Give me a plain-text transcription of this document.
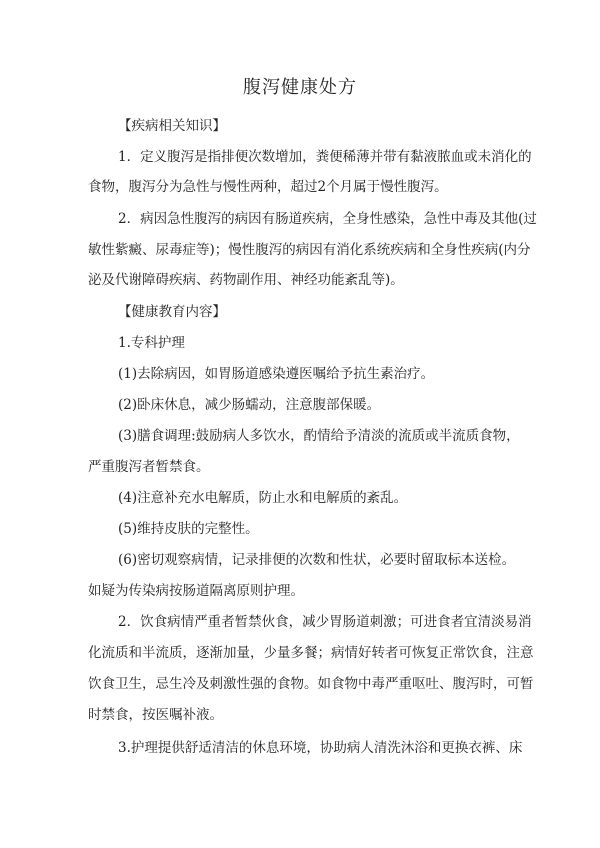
腹泻健康处方
【疾病相关知识】
1．定义腹泻是指排便次数增加，粪便稀薄并带有黏液脓血或未消化的
食物，腹泻分为急性与慢性两种，超过2个月属于慢性腹泻。
2．病因急性腹泻的病因有肠道疾病，全身性感染，急性中毒及其他(过
敏性紫癜、尿毒症等)；慢性腹泻的病因有消化系统疾病和全身性疾病(内分
泌及代谢障碍疾病、药物副作用、神经功能紊乱等)。
【健康教育内容】
1.专科护理
(1)去除病因，如胃肠道感染遵医嘱给予抗生素治疗。
(2)卧床休息，减少肠蠕动，注意腹部保暖。
(3)膳食调理:鼓励病人多饮水，酌情给予清淡的流质或半流质食物，
严重腹泻者暂禁食。
(4)注意补充水电解质，防止水和电解质的紊乱。
(5)维持皮肤的完整性。
(6)密切观察病情，记录排便的次数和性状，必要时留取标本送检。
如疑为传染病按肠道隔离原则护理。
2．饮食病情严重者暂禁伙食，减少胃肠道刺激；可进食者宜清淡易消
化流质和半流质，逐渐加量，少量多餐；病情好转者可恢复正常饮食，注意
饮食卫生，忌生冷及刺激性强的食物。如食物中毒严重呕吐、腹泻时，可暂
时禁食，按医嘱补液。
3.护理提供舒适清洁的休息环境，协助病人清洗沐浴和更换衣裤、床
